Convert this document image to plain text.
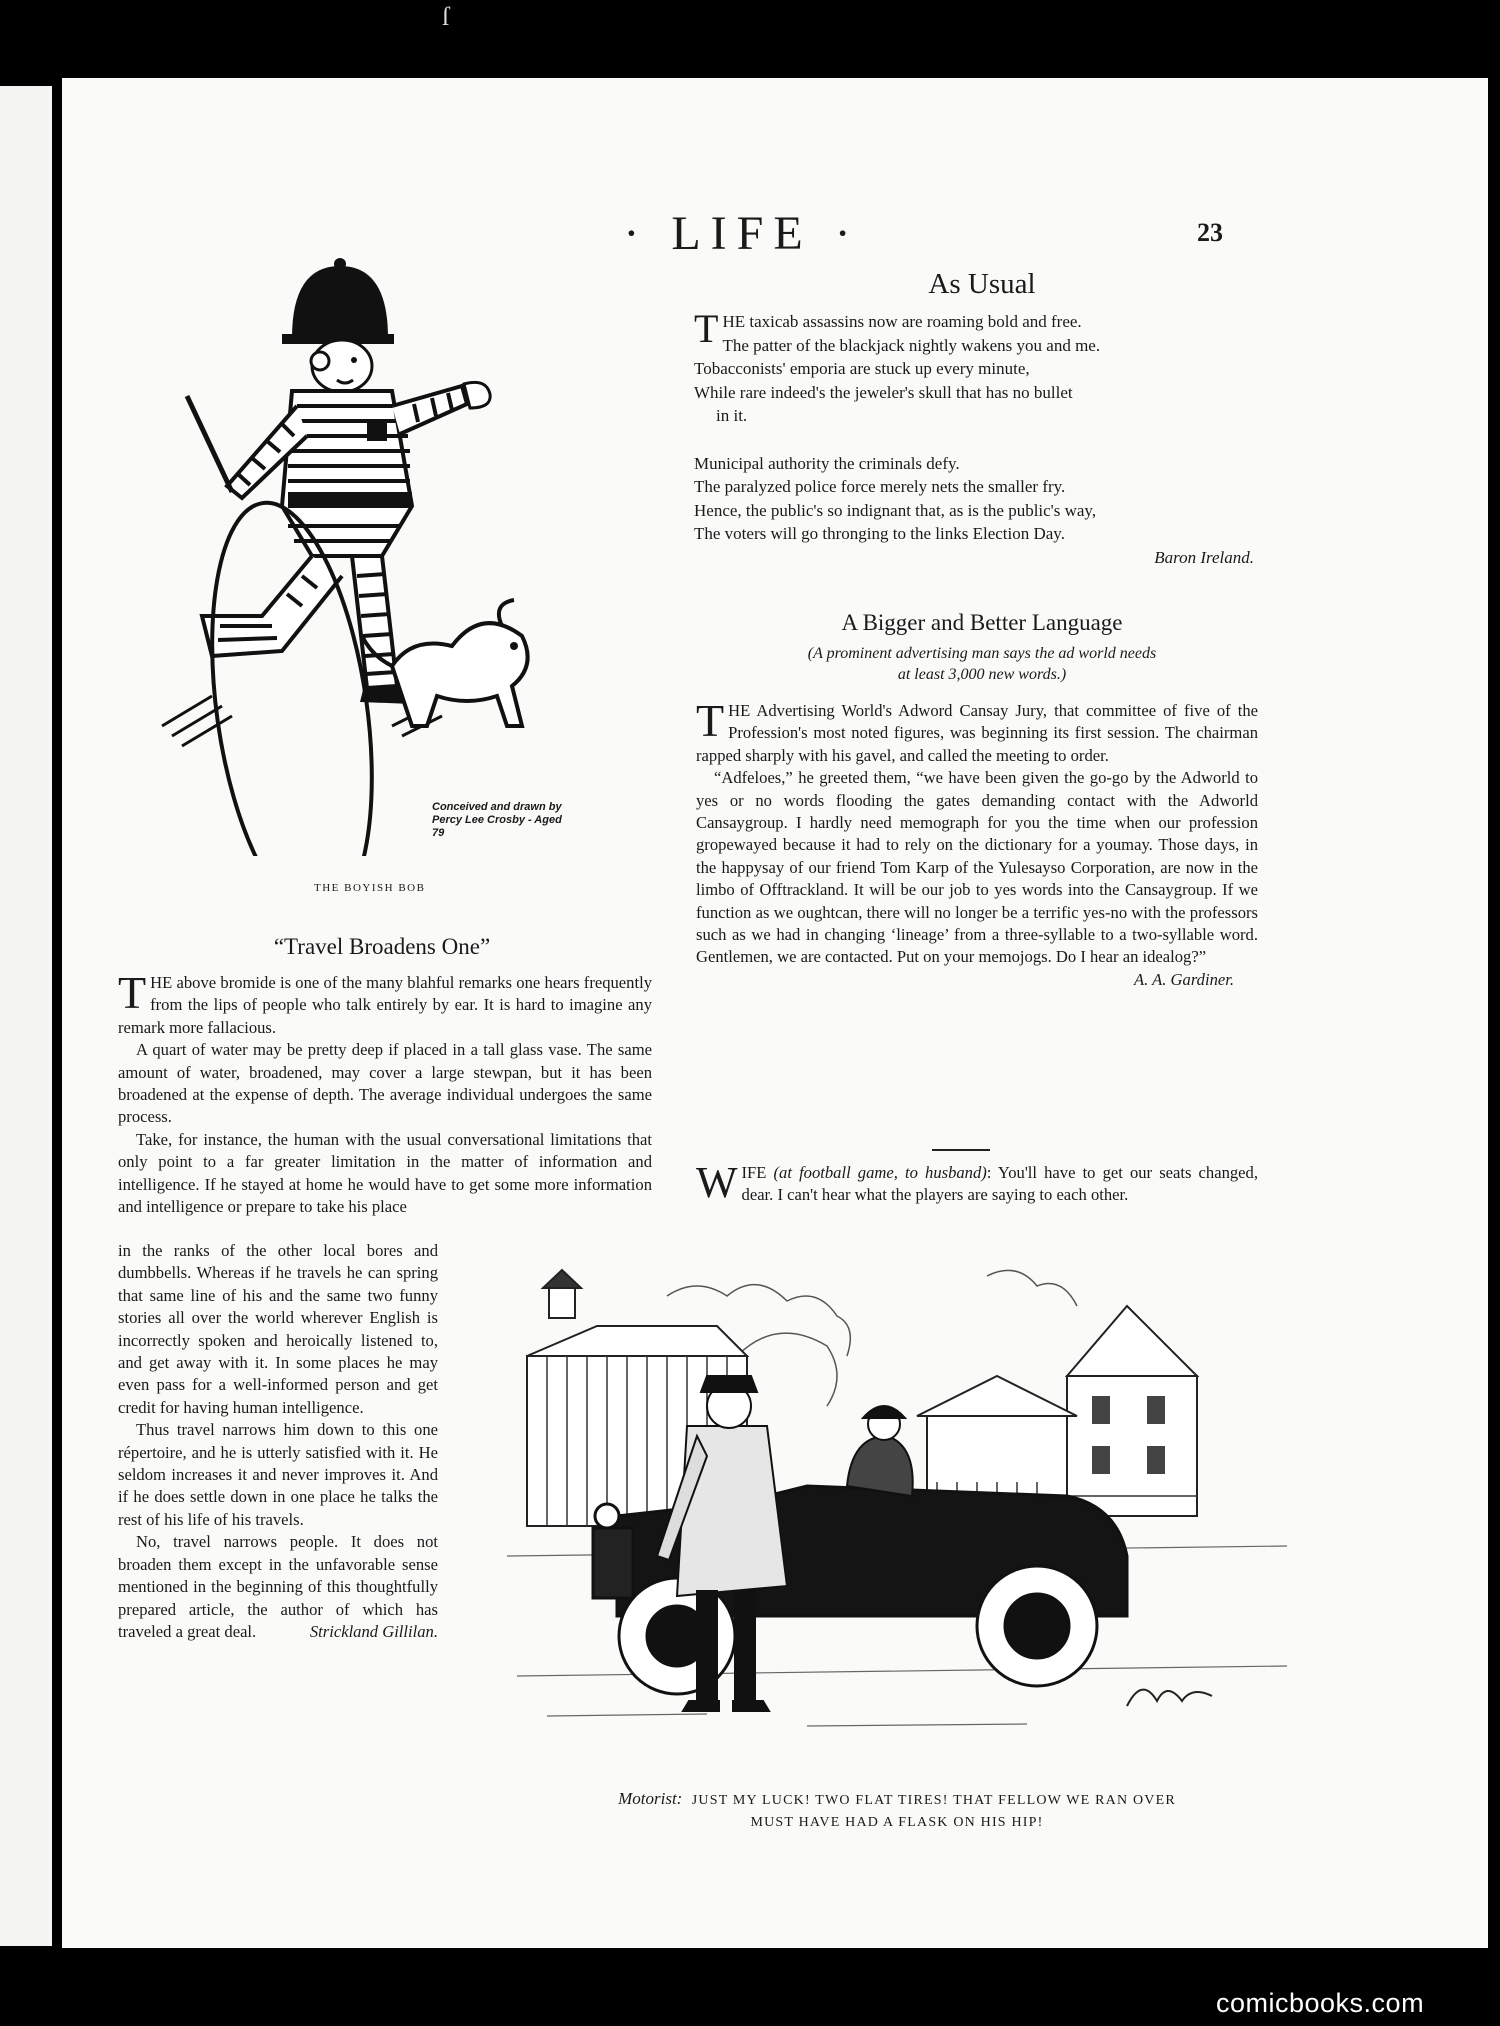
ſ
· LIFE ·	23
Conceived and drawn by
Percy Lee Crosby - Aged 79
THE BOYISH BOB
“Travel Broadens One”

THE above bromide is one of the many blahful remarks one hears frequently from the lips of people who talk entirely by ear. It is hard to imagine any remark more fallacious.

A quart of water may be pretty deep if placed in a tall glass vase. The same amount of water, broadened, may cover a large stewpan, but it has been broadened at the expense of depth. The average individual undergoes the same process.

Take, for instance, the human with the usual conversational limitations that only point to a far greater limitation in the matter of information and intelligence. If he stayed at home he would have to get some more information and intelligence or prepare to take his place

in the ranks of the other local bores and dumbbells. Whereas if he travels he can spring that same line of his and the same two funny stories all over the world wherever English is incorrectly spoken and heroically listened to, and get away with it. In some places he may even pass for a well-informed person and get credit for having human intelligence.

Thus travel narrows him down to this one répertoire, and he is utterly satisfied with it. He seldom increases it and never improves it. And if he does settle down in one place he talks the rest of his life of his travels.

No, travel narrows people. It does not broaden them except in the unfavorable sense mentioned in the beginning of this thoughtfully prepared article, the author of which has traveled a great deal.	Strickland Gillilan.
As Usual
THE taxicab assassins now are roaming bold and free.
The patter of the blackjack nightly wakens you and me.
Tobacconists' emporia are stuck up every minute,
While rare indeed's the jeweler's skull that has no bullet
in it.
Municipal authority the criminals defy.
The paralyzed police force merely nets the smaller fry.
Hence, the public's so indignant that, as is the public's way,
The voters will go thronging to the links Election Day.
Baron Ireland.
A Bigger and Better Language
(A prominent advertising man says the ad world needs
at least 3,000 new words.)

THE Advertising World's Adword Cansay Jury, that committee of five of the Profession's most noted figures, was beginning its first session. The chairman rapped sharply with his gavel, and called the meeting to order.

“Adfeloes,” he greeted them, “we have been given the go-go by the Adworld to yes or no words flooding the gates demanding contact with the Adworld Cansaygroup. I hardly need memograph for you the time when our profession gropewayed because it had to rely on the dictionary for a youmay. Those days, in the happysay of our friend Tom Karp of the Yulesayso Corporation, are now in the limbo of Offtrackland. It will be our job to yes words into the Cansaygroup. If we function as we oughtcan, there will no longer be a terrific yes-no with the professors such as we had in changing ‘lineage’ from a three-syllable to a two-syllable word. Gentlemen, we are contacted. Put on your memojogs. Do I hear an idealog?”

A. A. Gardiner.

WIFE (at football game, to husband): You'll have to get our seats changed, dear. I can't hear what the players are saying to each other.

Motorist: JUST MY LUCK! TWO FLAT TIRES! THAT FELLOW WE RAN OVER
MUST HAVE HAD A FLASK ON HIS HIP!
comicbooks.com
